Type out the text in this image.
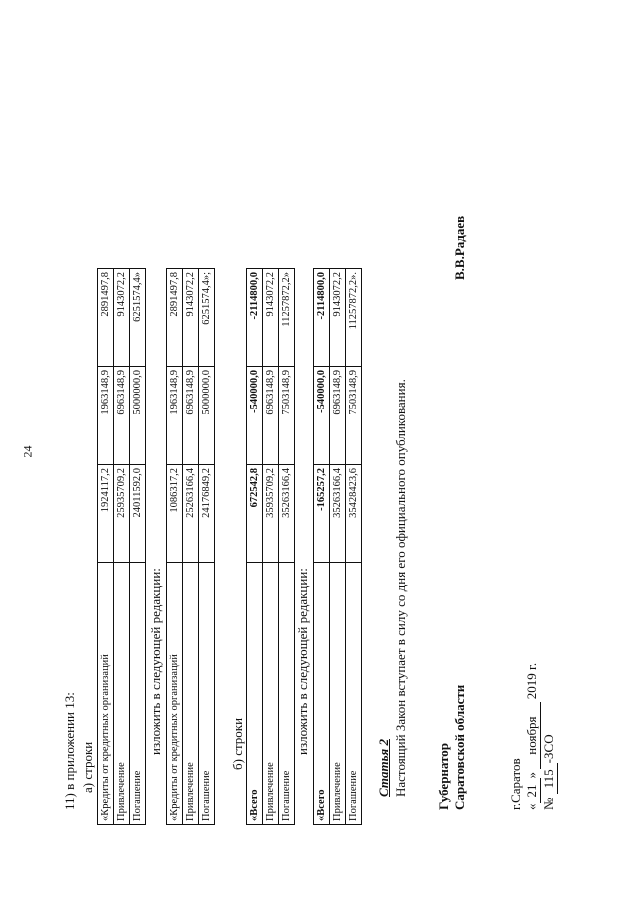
24
11) в приложении 13: а) строки «Кредиты от кредитных организаций	1924117,2	1963148,9	2891497,8
Привлечение	25935709,2	6963148,9	9143072,2
Погашение	24011592,0	5000000,0	6251574,4»
изложить в следующей редакции: «Кредиты от кредитных организаций	1086317,2	1963148,9	2891497,8
Привлечение	25263166,4	6963148,9	9143072,2
Погашение	24176849,2	5000000,0	6251574,4»;
б) строки
«Всего	672542,8	-540000,0	-2114800,0
Привлечение	35935709,2	6963148,9	9143072,2
Погашение	35263166,4	7503148,9	11257872,2»
изложить в следующей редакции:
«Всего	-165257,2	-540000,0	-2114800,0
Привлечение	35263166,4	6963148,9	9143072,2
Погашение	35428423,6	7503148,9	11257872,2».
Статья 2 Настоящий Закон вступает в силу со дня его официального опубликования. Губернатор Саратовской области
В.В.Радаев
г.Саратов «21» ноября 2019 г.
№ 115-ЗСО
